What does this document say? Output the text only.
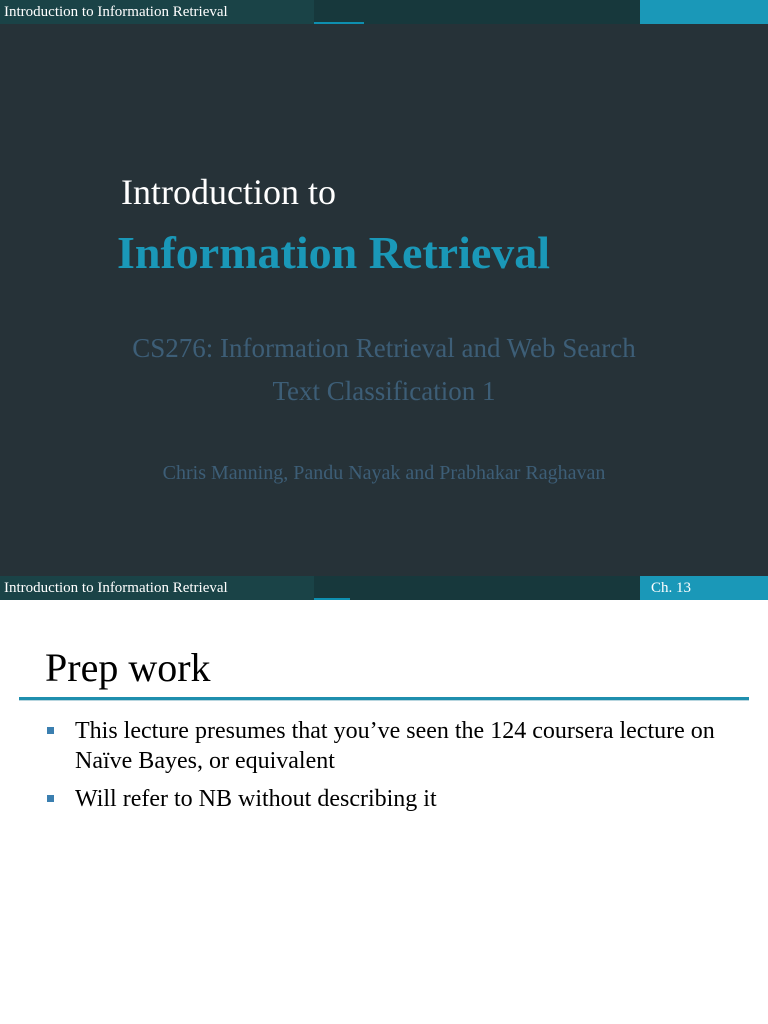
Introduction to Information Retrieval
Introduction to
Information Retrieval
CS276: Information Retrieval and Web Search
Text Classification 1
Chris Manning, Pandu Nayak and Prabhakar Raghavan
Introduction to Information Retrieval	Ch. 13
Prep work
This lecture presumes that you’ve seen the 124 coursera lecture on Naïve Bayes, or equivalent
Will refer to NB without describing it
